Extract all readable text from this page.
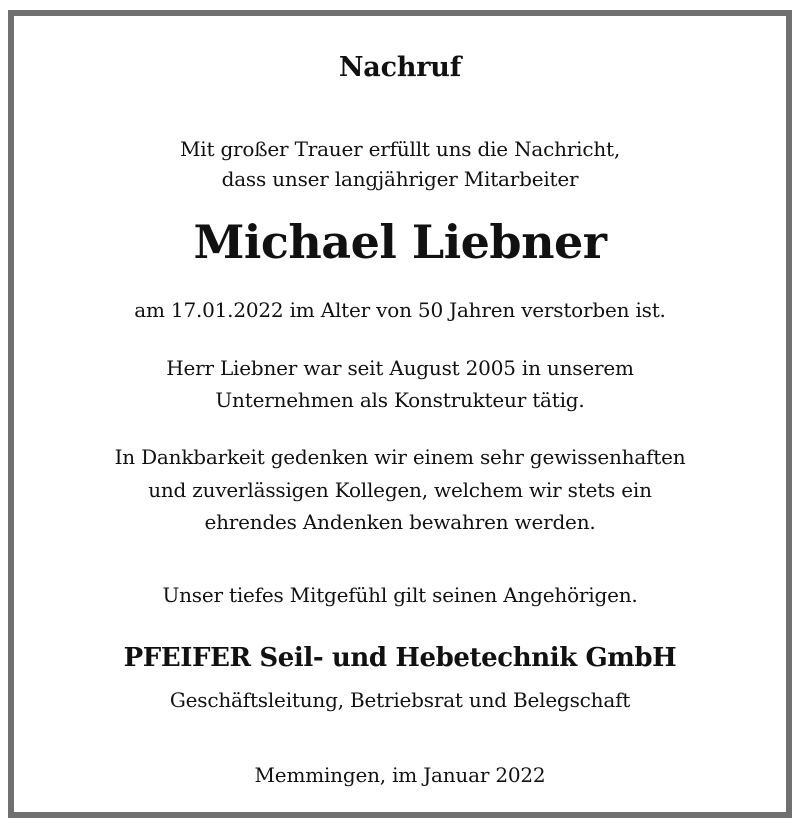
Nachruf
Mit großer Trauer erfüllt uns die Nachricht,
dass unser langjähriger Mitarbeiter
Michael Liebner
am 17.01.2022 im Alter von 50 Jahren verstorben ist.
Herr Liebner war seit August 2005 in unserem
Unternehmen als Konstrukteur tätig.
In Dankbarkeit gedenken wir einem sehr gewissenhaften
und zuverlässigen Kollegen, welchem wir stets ein
ehrendes Andenken bewahren werden.
Unser tiefes Mitgefühl gilt seinen Angehörigen.
PFEIFER Seil- und Hebetechnik GmbH
Geschäftsleitung, Betriebsrat und Belegschaft
Memmingen, im Januar 2022
